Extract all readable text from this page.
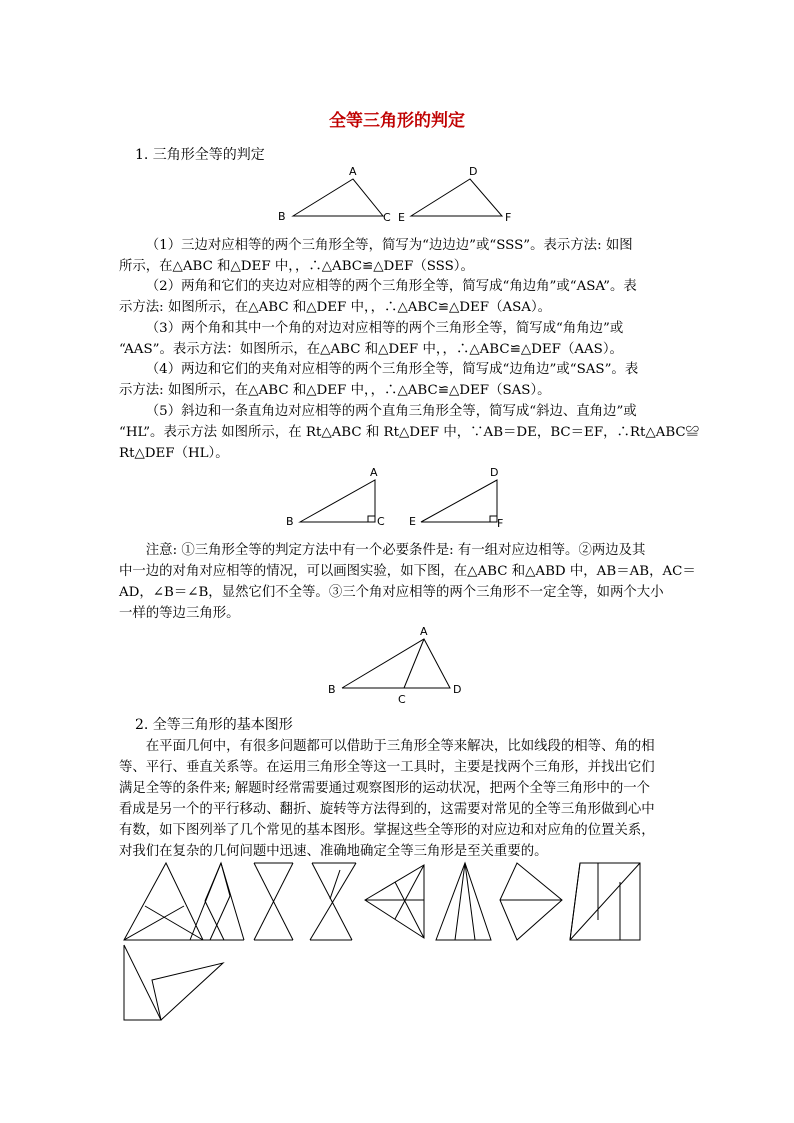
全等三角形的判定
1. 三角形全等的判定
A
B	C
D
E	F
（1）三边对应相等的两个三角形全等，简写为“边边边”或“SSS”。表示方法: 如图
所示，在△ABC 和△DEF 中，，∴△ABC≌△DEF（SSS）。
（2）两角和它们的夹边对应相等的两个三角形全等，简写成“角边角”或“ASA”。表
示方法: 如图所示，在△ABC 和△DEF 中，，∴△ABC≌△DEF（ASA）。
（3）两个角和其中一个角的对边对应相等的两个三角形全等，简写成“角角边”或
“AAS”。表示方法：如图所示，在△ABC 和△DEF 中，，∴△ABC≌△DEF（AAS）。
（4）两边和它们的夹角对应相等的两个三角形全等，简写成“边角边”或“SAS”。表
示方法: 如图所示，在△ABC 和△DEF 中，，∴△ABC≌△DEF（SAS）。
（5）斜边和一条直角边对应相等的两个直角三角形全等，简写成“斜边、直角边”或
“HL”。表示方法 如图所示，在 Rt△ABC 和 Rt△DEF 中，∵AB＝DE，BC＝EF，∴Rt△ABC≌
Rt△DEF（HL）。
A
B	C
D
E	F
注意: ①三角形全等的判定方法中有一个必要条件是: 有一组对应边相等。②两边及其
中一边的对角对应相等的情况，可以画图实验，如下图，在△ABC 和△ABD 中，AB＝AB，AC＝
AD，∠B＝∠B，显然它们不全等。③三个角对应相等的两个三角形不一定全等，如两个大小
一样的等边三角形。
A
B
C
D
2. 全等三角形的基本图形
在平面几何中，有很多问题都可以借助于三角形全等来解决，比如线段的相等、角的相
等、平行、垂直关系等。在运用三角形全等这一工具时，主要是找两个三角形，并找出它们
满足全等的条件来; 解题时经常需要通过观察图形的运动状况，把两个全等三角形中的一个
看成是另一个的平行移动、翻折、旋转等方法得到的，这需要对常见的全等三角形做到心中
有数，如下图列举了几个常见的基本图形。掌握这些全等形的对应边和对应角的位置关系，
对我们在复杂的几何问题中迅速、准确地确定全等三角形是至关重要的。
